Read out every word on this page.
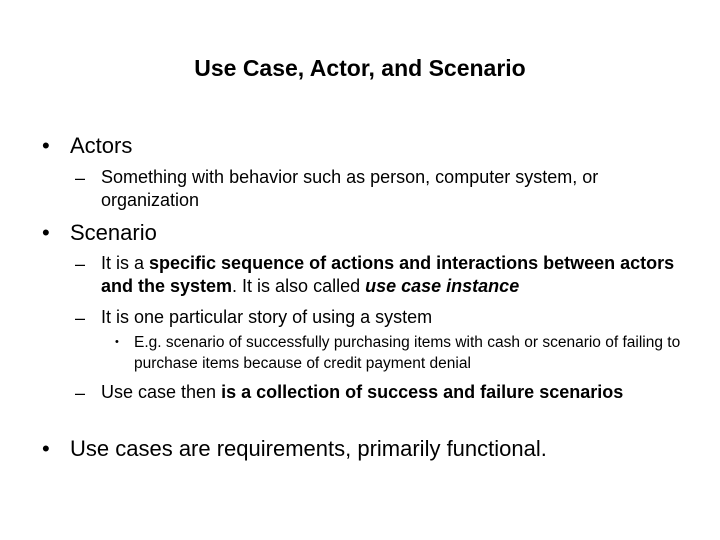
Use Case, Actor, and Scenario
• Actors
– Something with behavior such as person, computer system, or organization
• Scenario
– It is a specific sequence of actions and interactions between actors and the system. It is also called use case instance
– It is one particular story of using a system
• E.g. scenario of successfully purchasing items with cash or scenario of failing to purchase items because of credit payment denial
– Use case then is a collection of success and failure scenarios
• Use cases are requirements, primarily functional.
